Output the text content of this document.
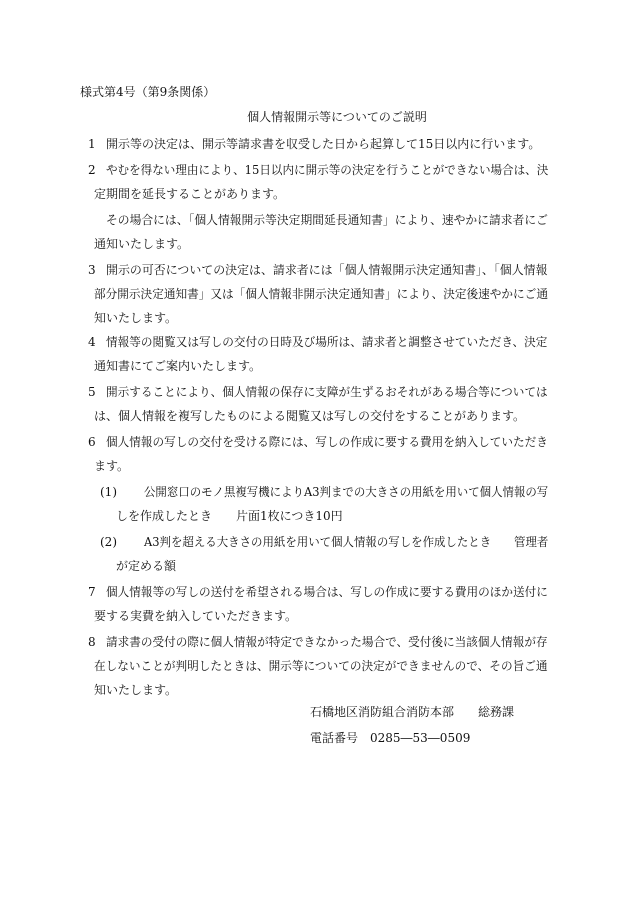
様式第4号（第9条関係）
個人情報開示等についてのご説明
1 開示等の決定は、開示等請求書を収受した日から起算して15日以内に行います。
2 やむを得ない理由により、15日以内に開示等の決定を行うことができない場合は、決
定期間を延長することがあります。
その場合には、「個人情報開示等決定期間延長通知書」により、速やかに請求者にご
通知いたします。
3 開示の可否についての決定は、請求者には「個人情報開示決定通知書」、「個人情報
部分開示決定通知書」又は「個人情報非開示決定通知書」により、決定後速やかにご通
知いたします。
4 情報等の閲覧又は写しの交付の日時及び場所は、請求者と調整させていただき、決定
通知書にてご案内いたします。
5 開示することにより、個人情報の保存に支障が生ずるおそれがある場合等については
は、個人情報を複写したものによる閲覧又は写しの交付をすることがあります。
6 個人情報の写しの交付を受ける際には、写しの作成に要する費用を納入していただき
ます。
(1) 公開窓口のモノ黒複写機によりA3判までの大きさの用紙を用いて個人情報の写
しを作成したとき　　片面1枚につき10円
(2) A3判を超える大きさの用紙を用いて個人情報の写しを作成したとき　　管理者
が定める額
7 個人情報等の写しの送付を希望される場合は、写しの作成に要する費用のほか送付に
要する実費を納入していただきます。
8 請求書の受付の際に個人情報が特定できなかった場合で、受付後に当該個人情報が存
在しないことが判明したときは、開示等についての決定ができませんので、その旨ご通
知いたします。
石橋地区消防組合消防本部　　総務課
電話番号　0285―53―0509
